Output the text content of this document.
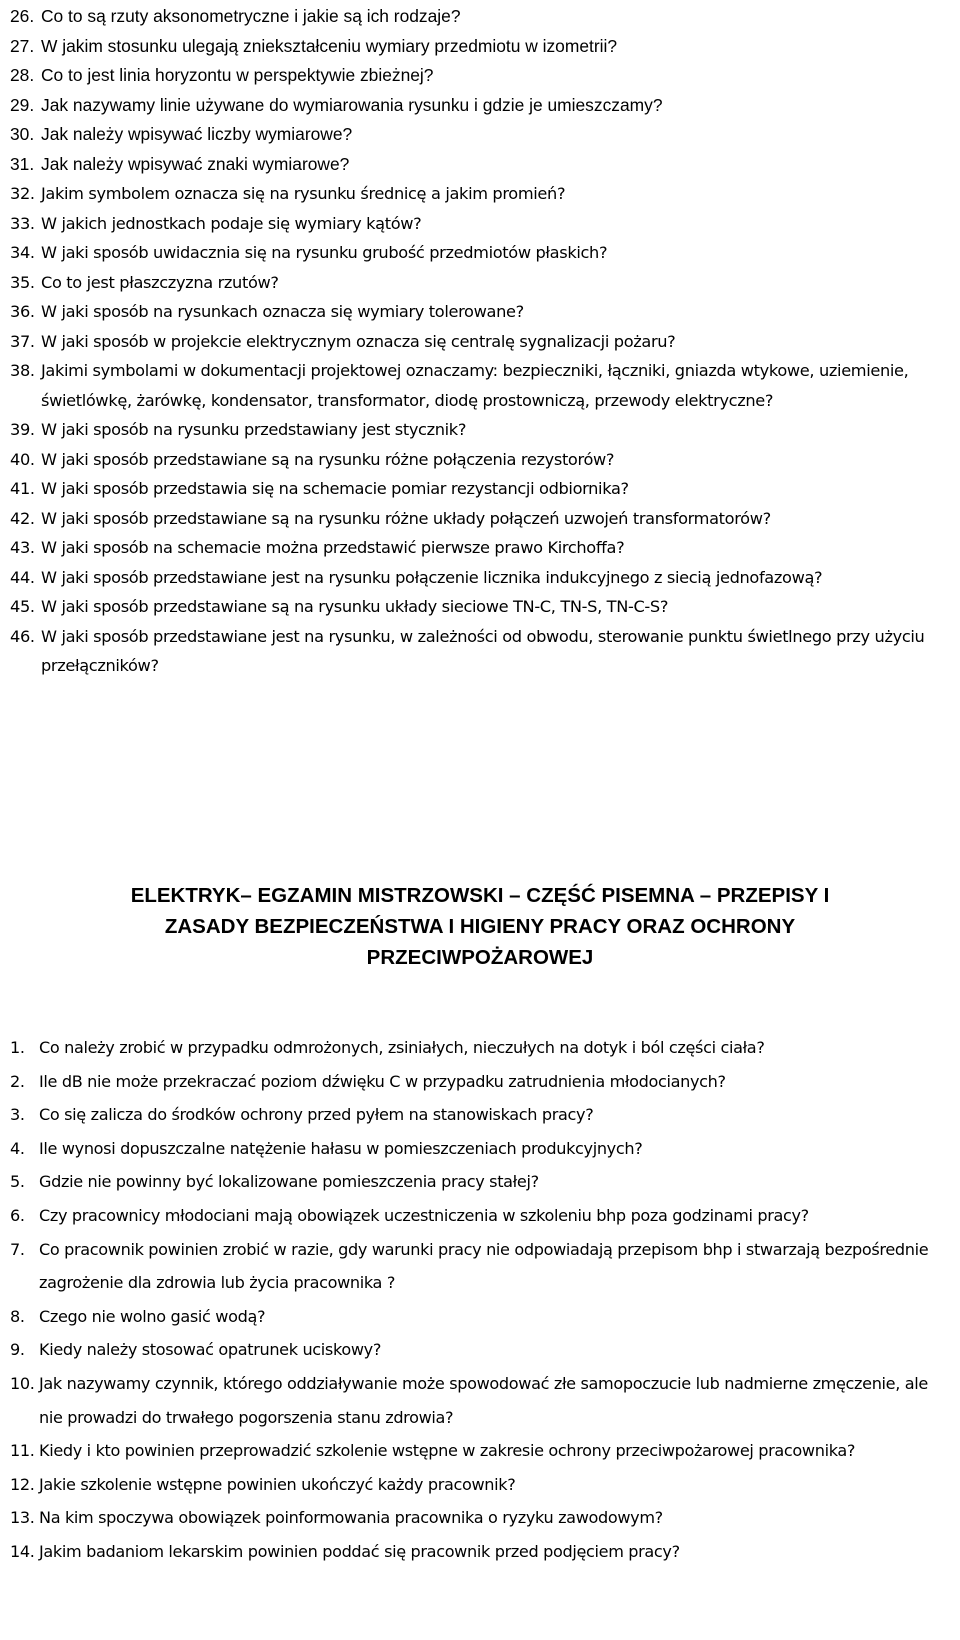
26. Co to są rzuty aksonometryczne i jakie są ich rodzaje?
27. W jakim stosunku ulegają zniekształceniu wymiary przedmiotu w izometrii?
28. Co to jest linia horyzontu w perspektywie zbieżnej?
29. Jak nazywamy linie używane do wymiarowania rysunku i gdzie je umieszczamy?
30. Jak należy wpisywać liczby wymiarowe?
31. Jak należy wpisywać znaki wymiarowe?
32. Jakim symbolem oznacza się na rysunku średnicę a jakim promień?
33. W jakich jednostkach podaje się wymiary kątów?
34. W jaki sposób uwidacznia się na rysunku grubość przedmiotów płaskich?
35. Co to jest płaszczyzna rzutów?
36. W jaki sposób na rysunkach oznacza się wymiary tolerowane?
37. W jaki sposób w projekcie elektrycznym oznacza się centralę sygnalizacji pożaru?
38. Jakimi symbolami w dokumentacji projektowej oznaczamy: bezpieczniki, łączniki, gniazda wtykowe, uziemienie, świetlówkę, żarówkę, kondensator, transformator, diodę prostowniczą, przewody elektryczne?
39. W jaki sposób na rysunku przedstawiany jest stycznik?
40. W jaki sposób przedstawiane są na rysunku różne połączenia rezystorów?
41. W jaki sposób przedstawia się na schemacie pomiar rezystancji odbiornika?
42. W jaki sposób przedstawiane są na rysunku różne układy połączeń uzwojeń transformatorów?
43. W jaki sposób na schemacie można przedstawić pierwsze prawo Kirchoffa?
44. W jaki sposób przedstawiane jest na rysunku połączenie licznika indukcyjnego z siecią jednofazową?
45. W jaki sposób przedstawiane są na rysunku układy sieciowe TN-C, TN-S, TN-C-S?
46. W jaki sposób przedstawiane jest na rysunku, w zależności od obwodu, sterowanie punktu świetlnego przy użyciu przełączników?

ELEKTRYK– EGZAMIN MISTRZOWSKI – CZĘŚĆ PISEMNA – PRZEPISY I

ZASADY BEZPIECZEŃSTWA I HIGIENY PRACY ORAZ OCHRONY

PRZECIWPOŻAROWEJ

1. Co należy zrobić w przypadku odmrożonych, zsiniałych, nieczułych na dotyk i ból części ciała?
2. Ile dB nie może przekraczać poziom dźwięku C w przypadku zatrudnienia młodocianych?
3. Co się zalicza do środków ochrony przed pyłem na stanowiskach pracy?
4. Ile wynosi dopuszczalne natężenie hałasu w pomieszczeniach produkcyjnych?
5. Gdzie nie powinny być lokalizowane pomieszczenia pracy stałej?
6. Czy pracownicy młodociani mają obowiązek uczestniczenia w szkoleniu bhp poza godzinami pracy?
7. Co pracownik powinien zrobić w razie, gdy warunki pracy nie odpowiadają przepisom bhp i stwarzają bezpośrednie zagrożenie dla zdrowia lub życia pracownika ?
8. Czego nie wolno gasić wodą?
9. Kiedy należy stosować opatrunek uciskowy?
10. Jak nazywamy czynnik, którego oddziaływanie może spowodować złe samopoczucie lub nadmierne zmęczenie, ale nie prowadzi do trwałego pogorszenia stanu zdrowia?
11. Kiedy i kto powinien przeprowadzić szkolenie wstępne w zakresie ochrony przeciwpożarowej pracownika?
12. Jakie szkolenie wstępne powinien ukończyć każdy pracownik?
13. Na kim spoczywa obowiązek poinformowania pracownika o ryzyku zawodowym?
14. Jakim badaniom lekarskim powinien poddać się pracownik przed podjęciem pracy?
